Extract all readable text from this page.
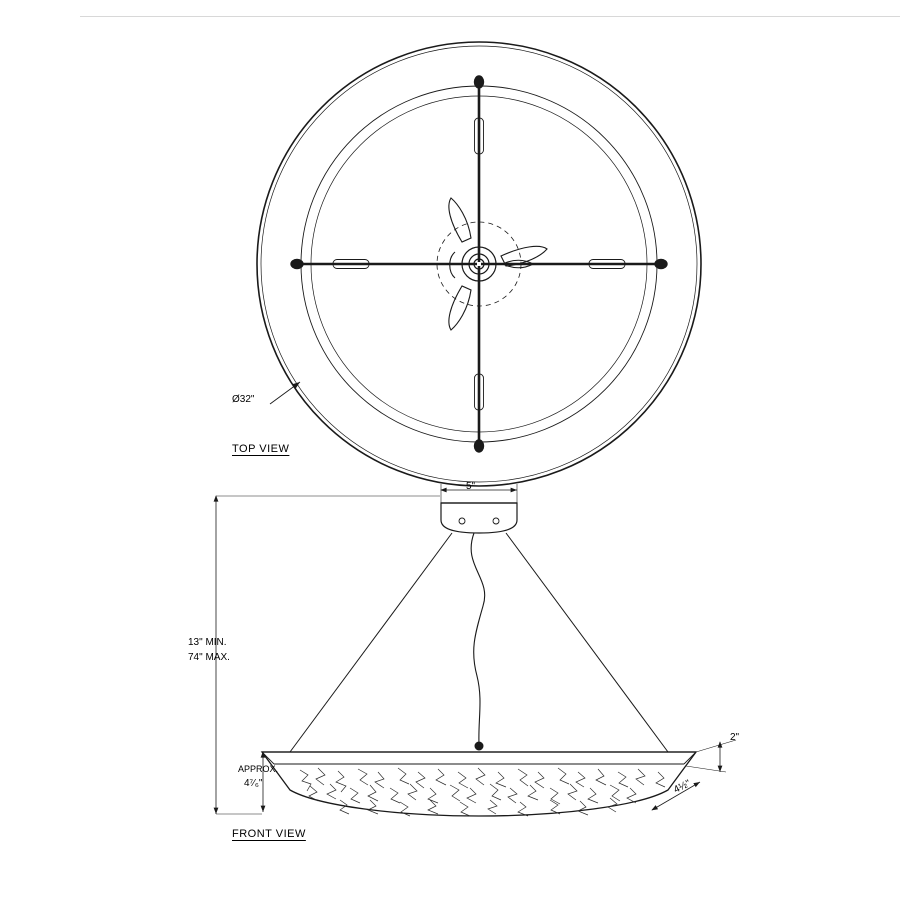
Ø32"
TOP VIEW
5"
13" MIN.
74" MAX.
APPROX.
4⁷⁄₆"
2"
4½"
FRONT VIEW
